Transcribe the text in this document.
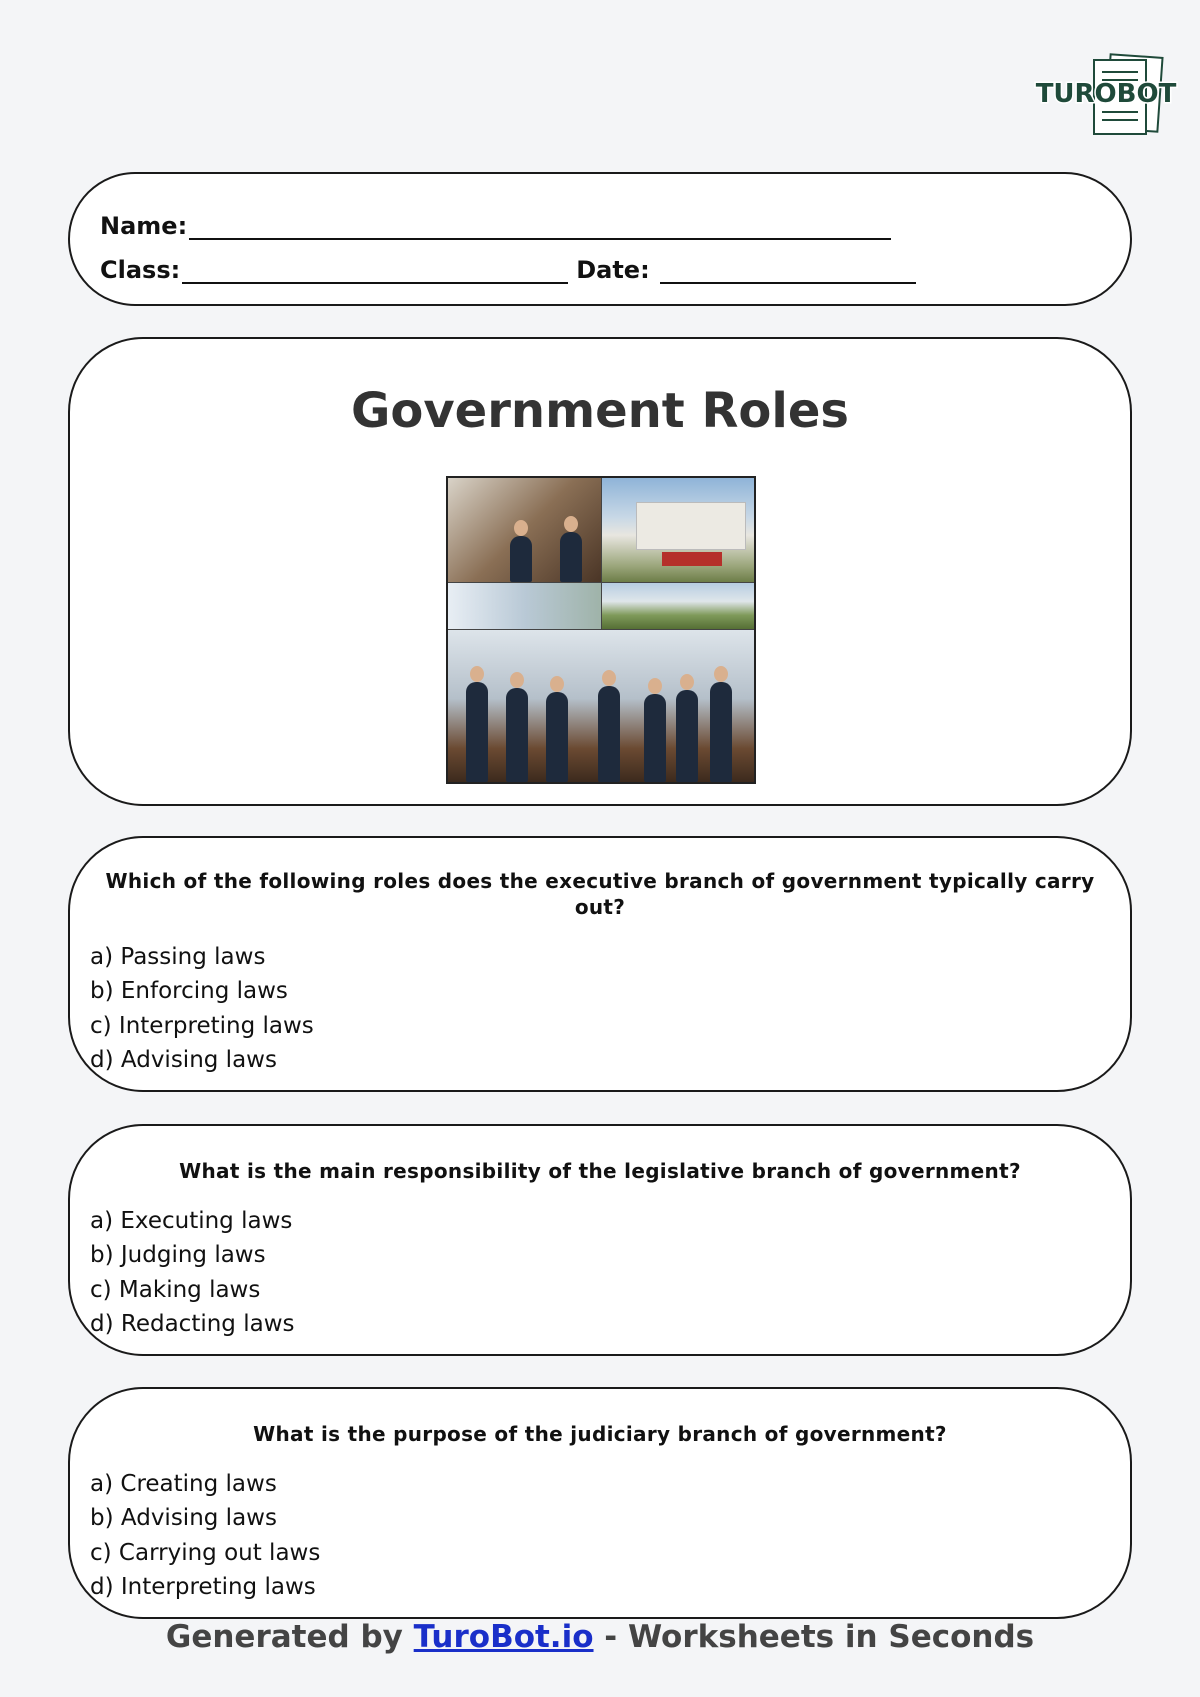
TUROBOT
Name:
Class:	Date:
Government Roles
Which of the following roles does the executive branch of government typically carry out?
a) Passing laws
b) Enforcing laws
c) Interpreting laws
d) Advising laws
What is the main responsibility of the legislative branch of government?
a) Executing laws
b) Judging laws
c) Making laws
d) Redacting laws
What is the purpose of the judiciary branch of government?
a) Creating laws
b) Advising laws
c) Carrying out laws
d) Interpreting laws
Generated by TuroBot.io - Worksheets in Seconds
